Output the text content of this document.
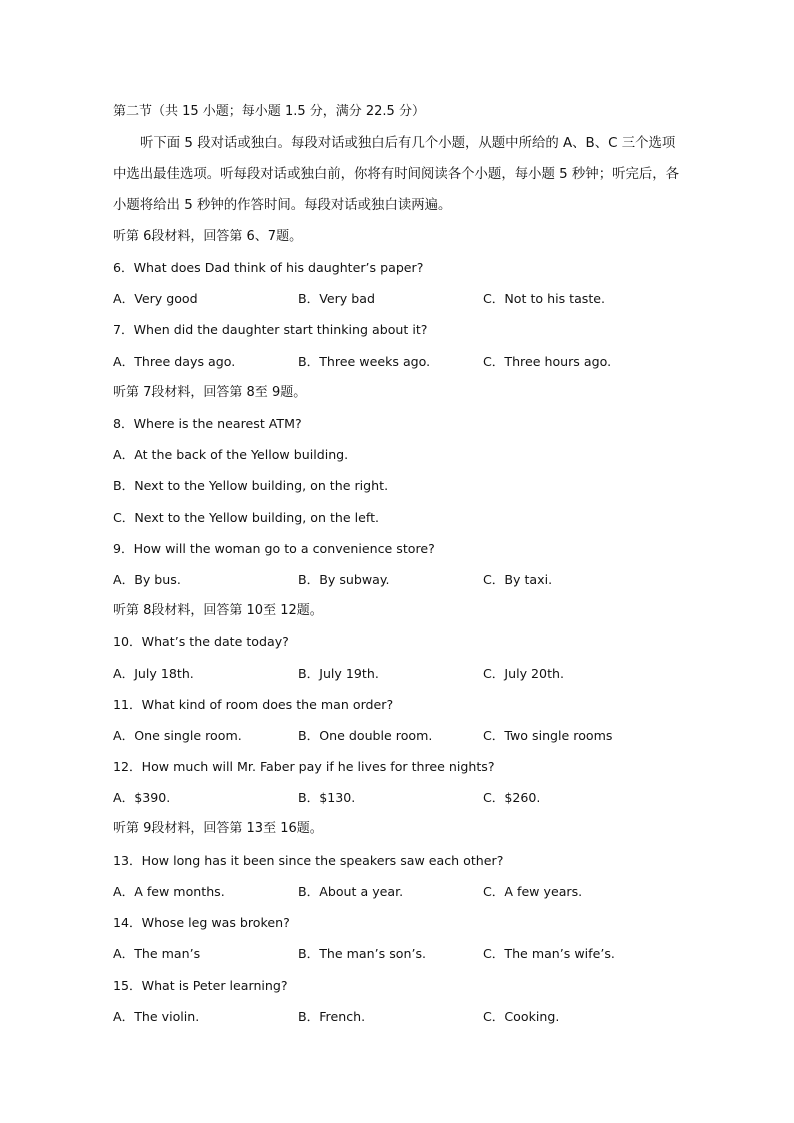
第二节（共 15 小题；每小题 1.5 分，满分 22.5 分）
听下面 5 段对话或独白。每段对话或独白后有几个小题，从题中所给的 A、B、C 三个选项中选出最佳选项。听每段对话或独白前，你将有时间阅读各个小题，每小题 5 秒钟；听完后，各小题将给出 5 秒钟的作答时间。每段对话或独白读两遍。
听第 6段材料，回答第 6、7题。
6．What does Dad think of his daughter’s paper?
A．Very good	B．Very bad	C．Not to his taste.
7．When did the daughter start thinking about it?
A．Three days ago.	B．Three weeks ago.	C．Three hours ago.
听第 7段材料，回答第 8至 9题。
8．Where is the nearest ATM?
A．At the back of the Yellow building.
B．Next to the Yellow building, on the right.
C．Next to the Yellow building, on the left.
9．How will the woman go to a convenience store?
A．By bus.	B．By subway.	C．By taxi.
听第 8段材料，回答第 10至 12题。
10．What’s the date today?
A．July 18th.	B．July 19th.	C．July 20th.
11．What kind of room does the man order?
A．One single room.	B．One double room.	C．Two single rooms
12．How much will Mr. Faber pay if he lives for three nights?
A．$390.	B．$130.	C．$260.
听第 9段材料，回答第 13至 16题。
13．How long has it been since the speakers saw each other?
A．A few months.	B．About a year.	C．A few years.
14．Whose leg was broken?
A．The man’s	B．The man’s son’s.	C．The man’s wife’s.
15．What is Peter learning?
A．The violin.	B．French.	C．Cooking.
